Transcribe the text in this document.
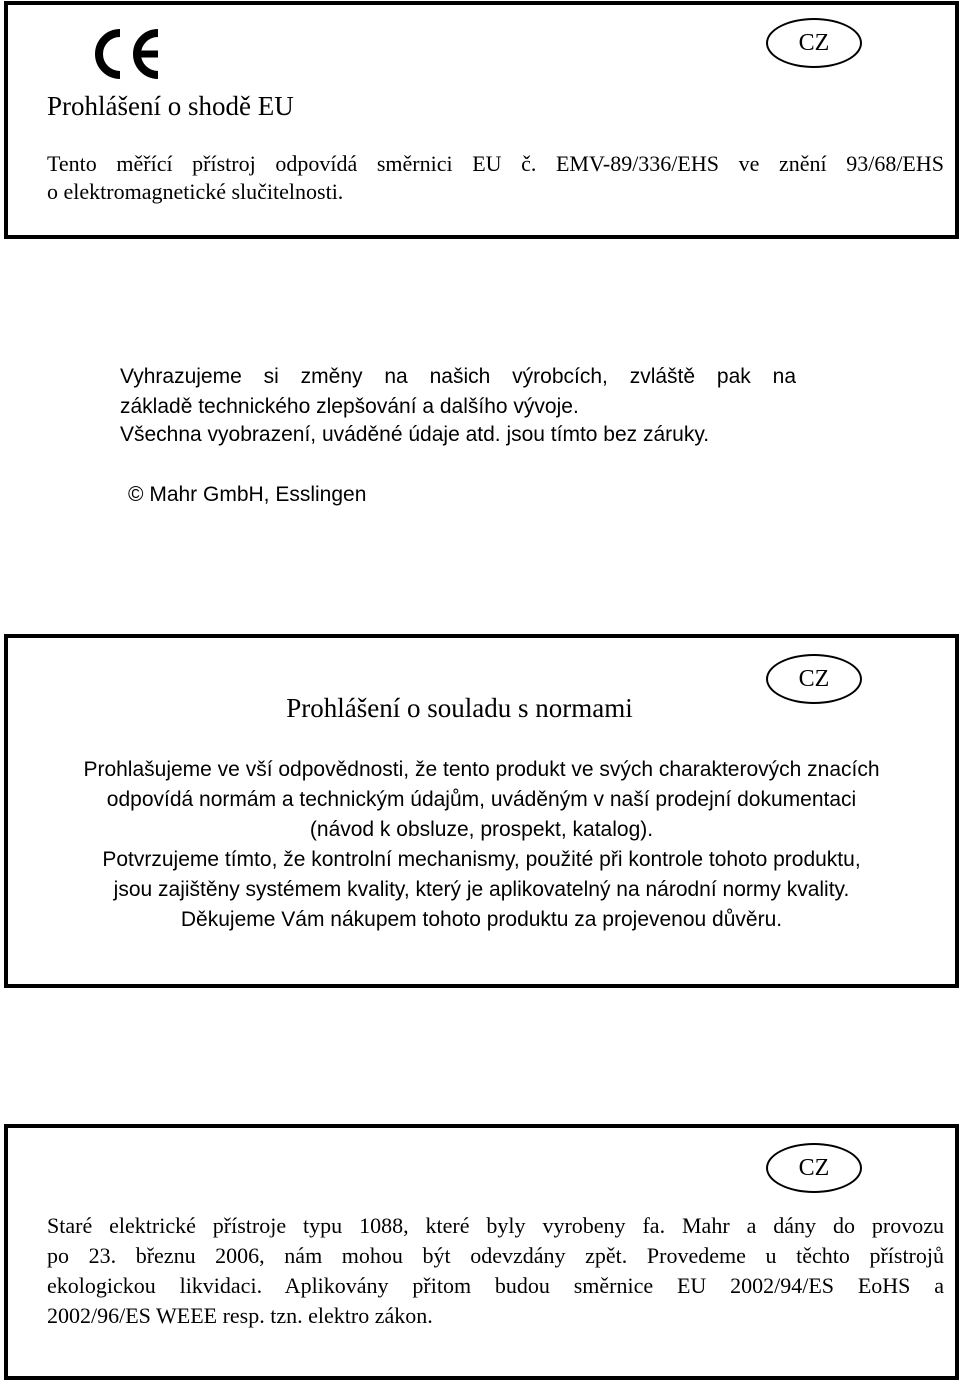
CZ
Prohlášení o shodě EU
Tento měřící přístroj odpovídá směrnici EU č. EMV-89/336/EHS ve znění 93/68/EHS
o elektromagnetické slučitelnosti.
Vyhrazujeme si změny na našich výrobcích, zvláště pak na
základě technického zlepšování a dalšího vývoje.
Všechna vyobrazení, uváděné údaje atd. jsou tímto bez záruky.
© Mahr GmbH, Esslingen
CZ
Prohlášení o souladu s normami
Prohlašujeme ve vší odpovědnosti, že tento produkt ve svých charakterových znacích
odpovídá normám a technickým údajům, uváděným v naší prodejní dokumentaci
(návod k obsluze, prospekt, katalog).
Potvrzujeme tímto, že kontrolní mechanismy, použité při kontrole tohoto produktu,
jsou zajištěny systémem kvality, který je aplikovatelný na národní normy kvality.
Děkujeme Vám nákupem tohoto produktu za projevenou důvěru.
CZ
Staré elektrické přístroje typu 1088, které byly vyrobeny fa. Mahr a dány do provozu
po 23. březnu 2006, nám mohou být odevzdány zpět. Provedeme u těchto přístrojů
ekologickou likvidaci. Aplikovány přitom budou směrnice EU 2002/94/ES EoHS a
2002/96/ES WEEE resp. tzn. elektro zákon.
